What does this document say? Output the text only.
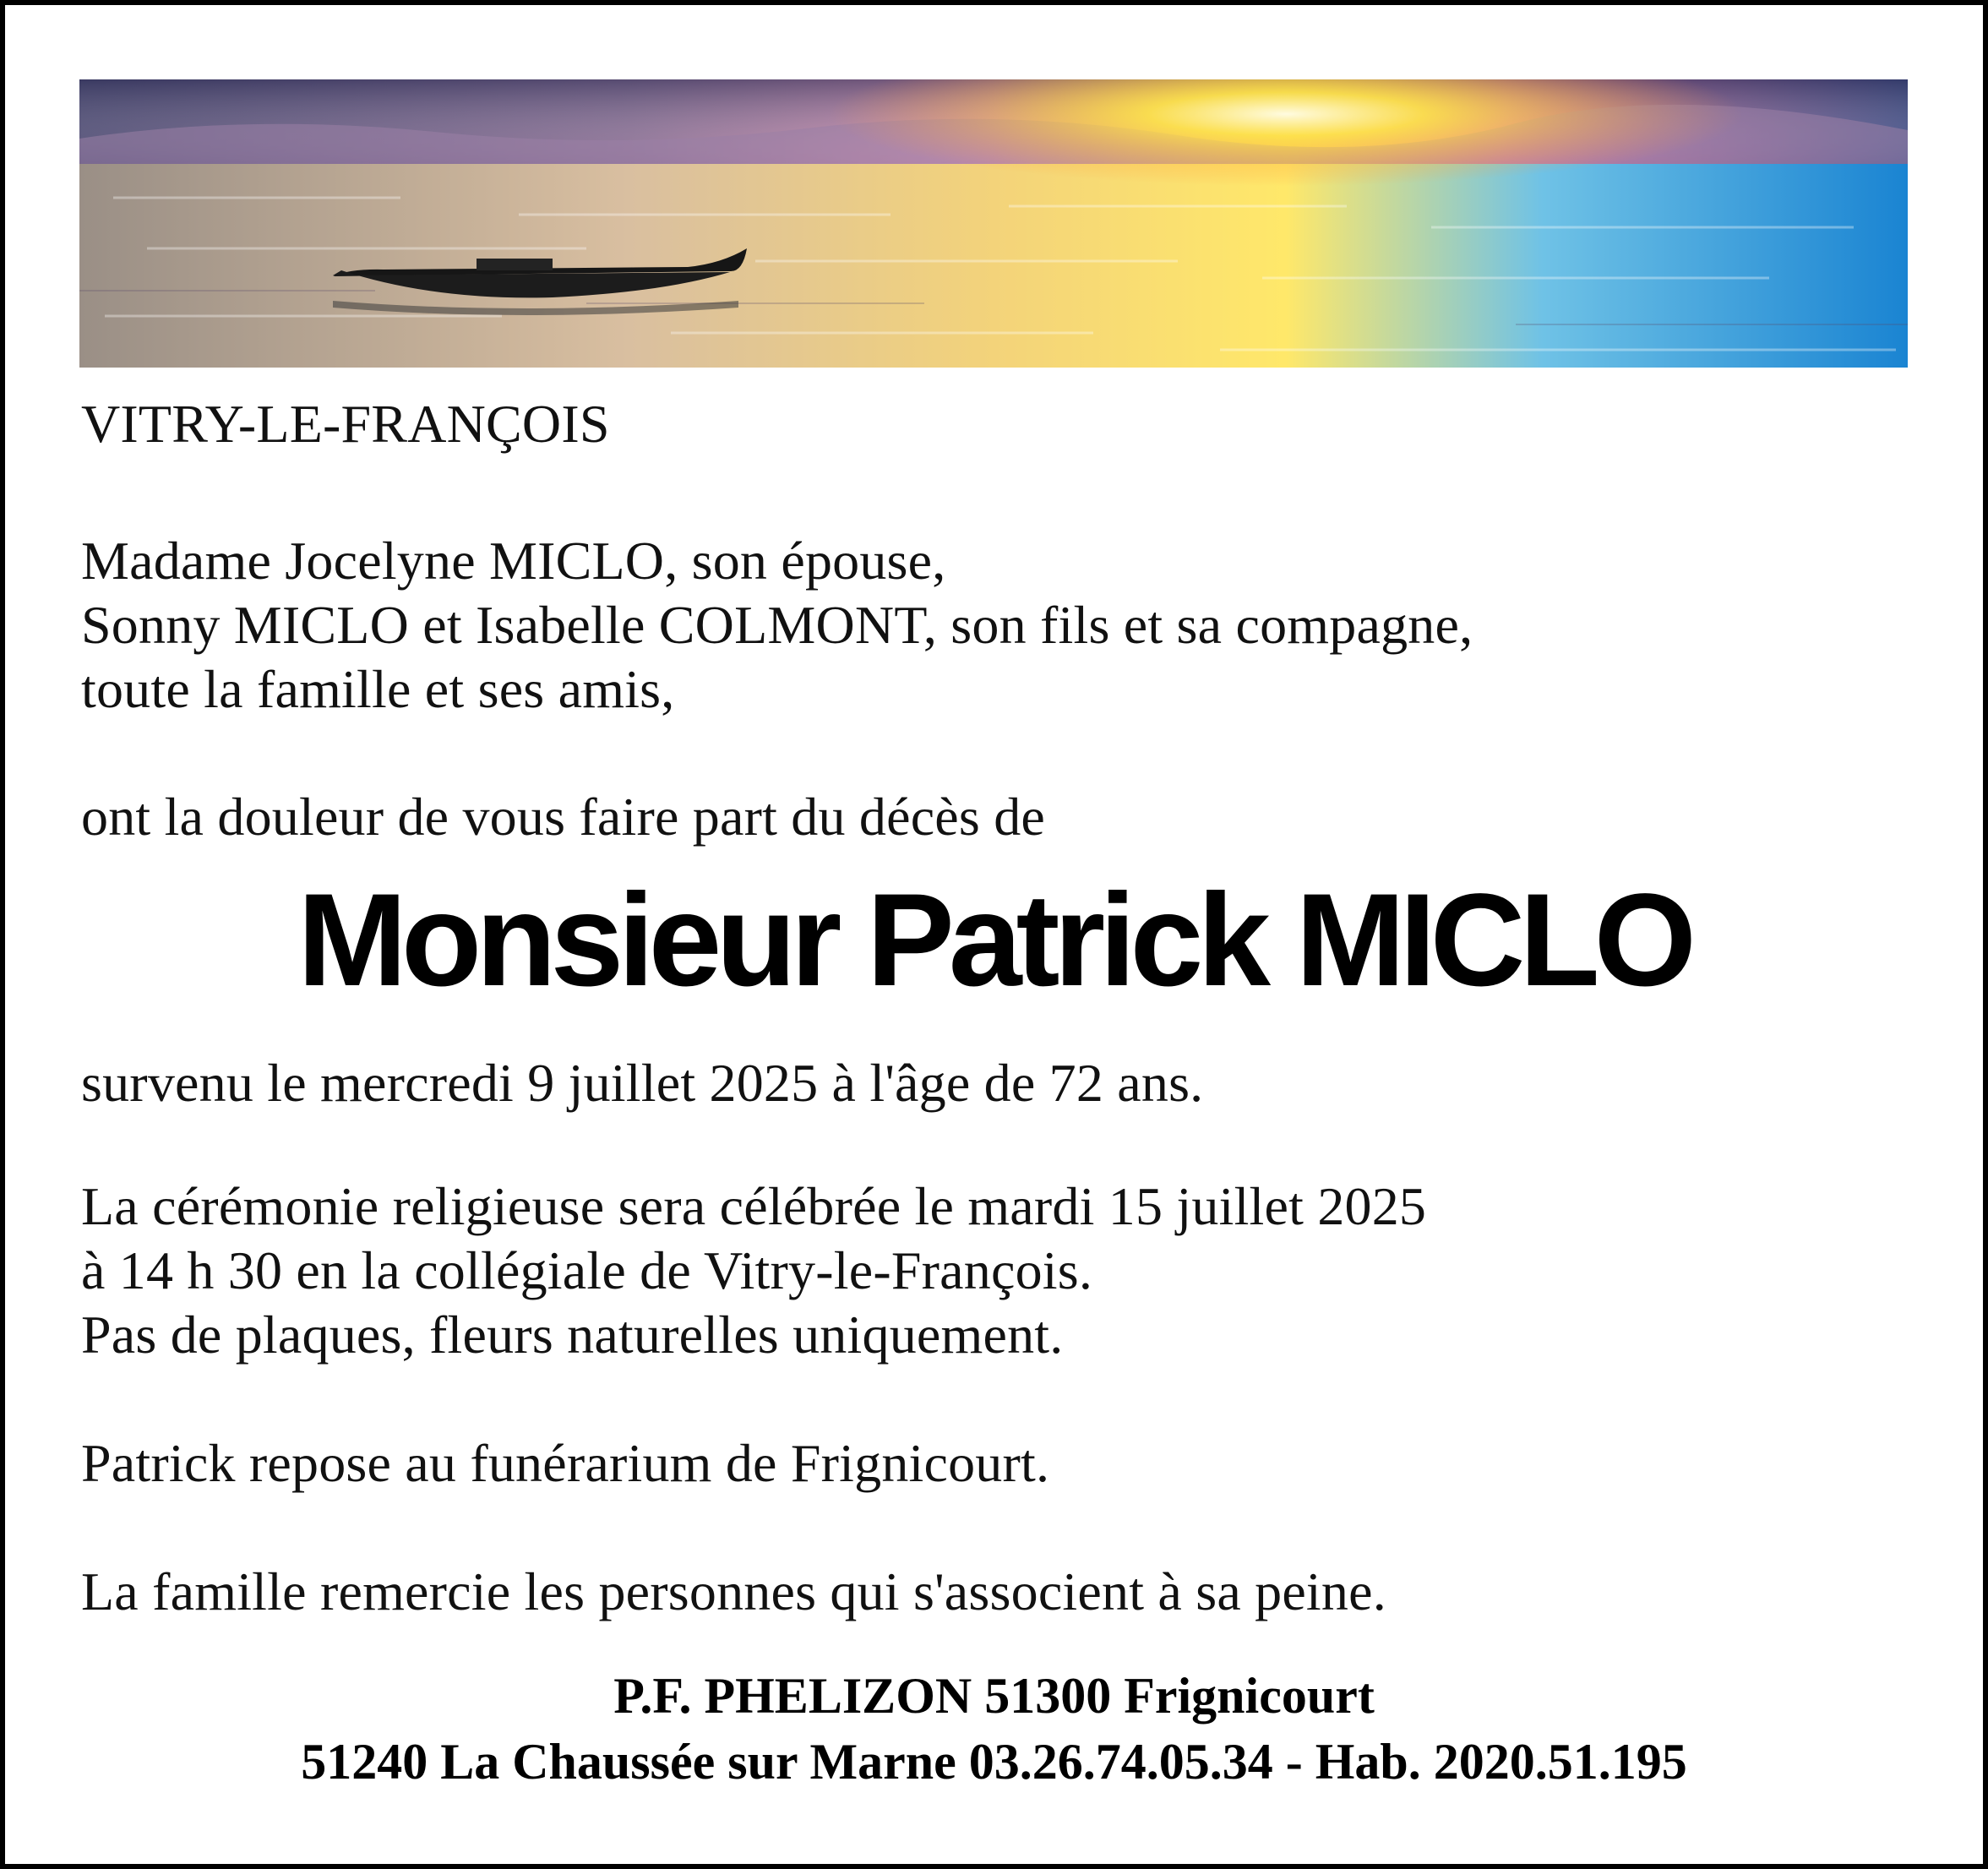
VITRY-LE-FRANÇOIS
Madame Jocelyne MICLO, son épouse,
Sonny MICLO et Isabelle COLMONT, son fils et sa compagne,
toute la famille et ses amis,
ont la douleur de vous faire part du décès de
Monsieur Patrick MICLO
survenu le mercredi 9 juillet 2025 à l'âge de 72 ans.
La cérémonie religieuse sera célébrée le mardi 15 juillet 2025
à 14 h 30 en la collégiale de Vitry-le-François.
Pas de plaques, fleurs naturelles uniquement.
Patrick repose au funérarium de Frignicourt.
La famille remercie les personnes qui s'associent à sa peine.
P.F. PHELIZON 51300 Frignicourt
51240 La Chaussée sur Marne 03.26.74.05.34 - Hab. 2020.51.195
